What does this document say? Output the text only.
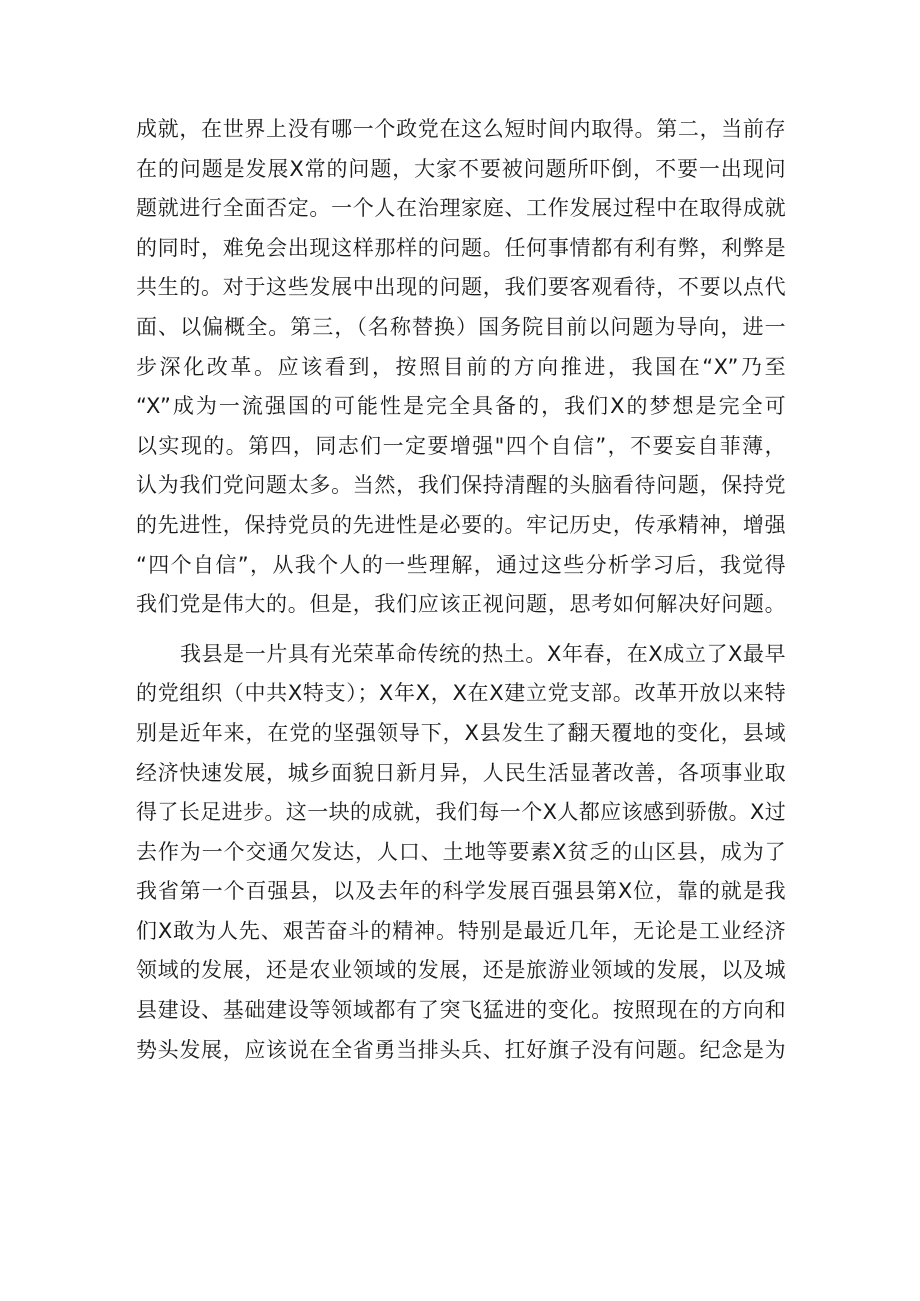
成就，在世界上没有哪一个政党在这么短时间内取得。第二，当前存
在的问题是发展X常的问题，大家不要被问题所吓倒，不要一出现问
题就进行全面否定。一个人在治理家庭、工作发展过程中在取得成就
的同时，难免会出现这样那样的问题。任何事情都有利有弊，利弊是
共生的。对于这些发展中出现的问题，我们要客观看待，不要以点代
面、以偏概全。第三，（名称替换）国务院目前以问题为导向，进一
步深化改革。应该看到，按照目前的方向推进，我国在“X”乃至
“X”成为一流强国的可能性是完全具备的，我们X的梦想是完全可
以实现的。第四，同志们一定要增强"四个自信”，不要妄自菲薄，
认为我们党问题太多。当然，我们保持清醒的头脑看待问题，保持党
的先进性，保持党员的先进性是必要的。牢记历史，传承精神，增强
“四个自信”，从我个人的一些理解，通过这些分析学习后，我觉得
我们党是伟大的。但是，我们应该正视问题，思考如何解决好问题。
我县是一片具有光荣革命传统的热土。X年春，在X成立了X最早
的党组织（中共X特支）；X年X，X在X建立党支部。改革开放以来特
别是近年来，在党的坚强领导下，X县发生了翻天覆地的变化，县域
经济快速发展，城乡面貌日新月异，人民生活显著改善，各项事业取
得了长足进步。这一块的成就，我们每一个X人都应该感到骄傲。X过
去作为一个交通欠发达，人口、土地等要素X贫乏的山区县，成为了
我省第一个百强县，以及去年的科学发展百强县第X位，靠的就是我
们X敢为人先、艰苦奋斗的精神。特别是最近几年，无论是工业经济
领域的发展，还是农业领域的发展，还是旅游业领域的发展，以及城
县建设、基础建设等领域都有了突飞猛进的变化。按照现在的方向和
势头发展，应该说在全省勇当排头兵、扛好旗子没有问题。纪念是为
